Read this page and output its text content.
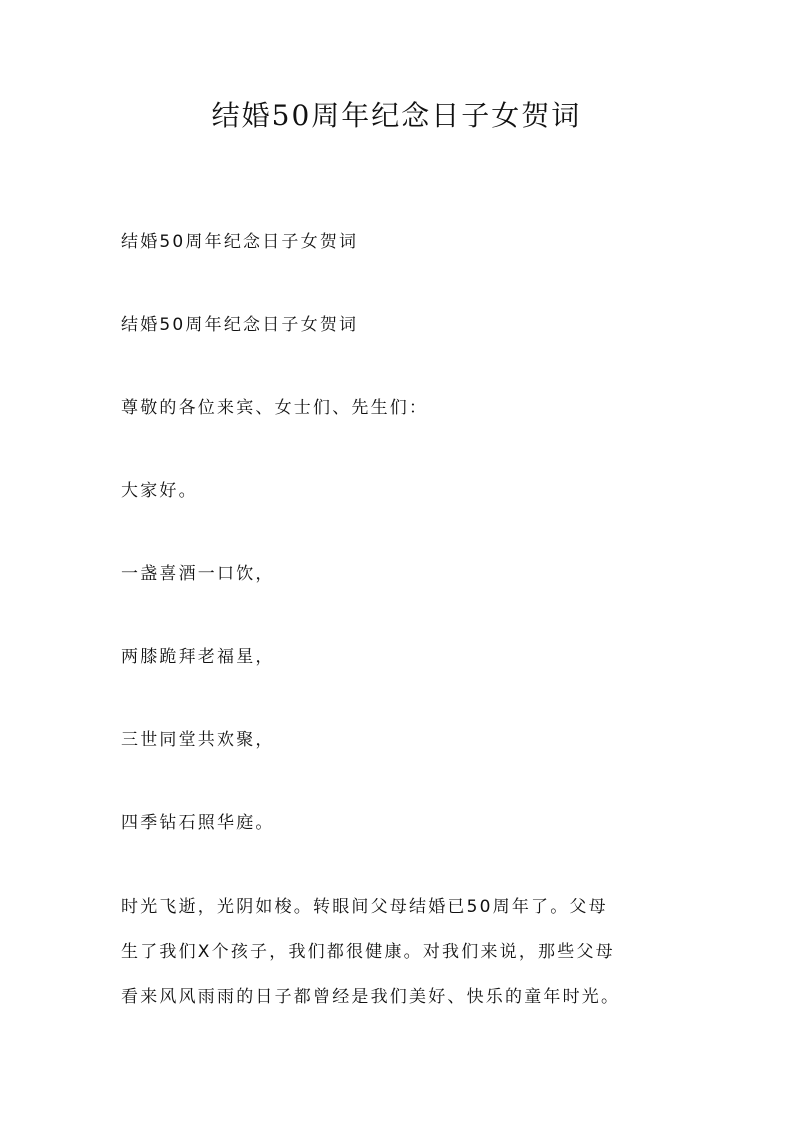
结婚50周年纪念日子女贺词

结婚50周年纪念日子女贺词

结婚50周年纪念日子女贺词

尊敬的各位来宾、女士们、先生们：

大家好。

一盏喜酒一口饮，

两膝跪拜老福星，

三世同堂共欢聚，

四季钻石照华庭。

时光飞逝，光阴如梭。转眼间父母结婚已50周年了。父母
生了我们X个孩子，我们都很健康。对我们来说，那些父母
看来风风雨雨的日子都曾经是我们美好、快乐的童年时光。
